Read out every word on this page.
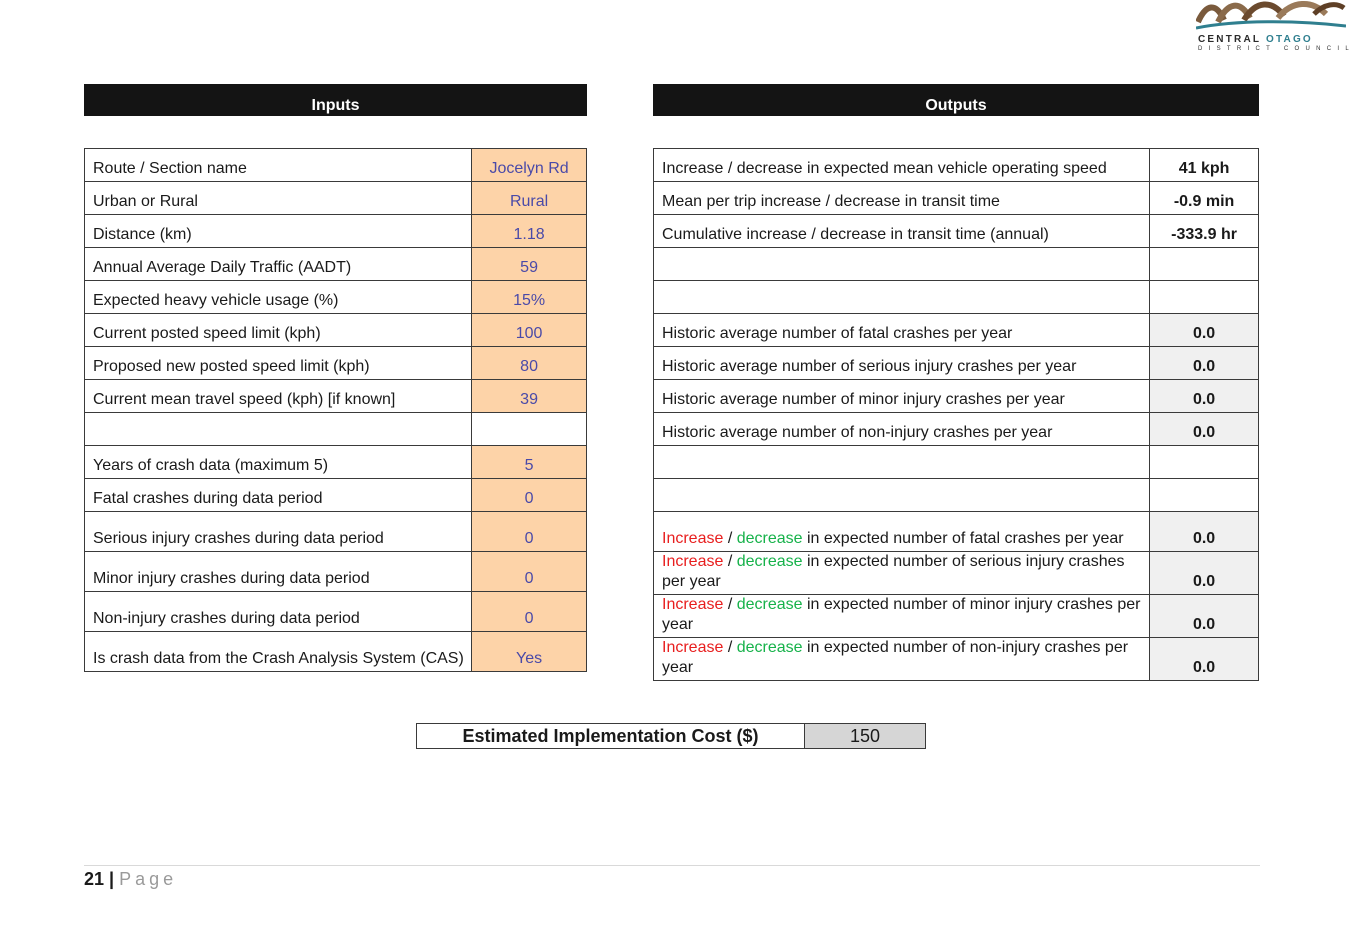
CENTRAL OTAGO
DISTRICT COUNCIL
Inputs	Outputs
Route / Section name	Jocelyn Rd
Urban or Rural	Rural
Distance (km)	1.18
Annual Average Daily Traffic (AADT)	59
Expected heavy vehicle usage (%)	15%
Current posted speed limit (kph)	100
Proposed new posted speed limit (kph)	80
Current mean travel speed (kph) [if known]	39

Years of crash data (maximum 5)	5
Fatal crashes during data period	0
Serious injury crashes during data period	0
Minor injury crashes during data period	0
Non-injury crashes during data period	0
Is crash data from the Crash Analysis System (CAS)	Yes
Increase / decrease in expected mean vehicle operating speed	41 kph
Mean per trip increase / decrease in transit time	-0.9 min
Cumulative increase / decrease in transit time (annual)	-333.9 hr

Historic average number of fatal crashes per year	0.0
Historic average number of serious injury crashes per year	0.0
Historic average number of minor injury crashes per year	0.0
Historic average number of non-injury crashes per year	0.0

Increase / decrease in expected number of fatal crashes per year	0.0
Increase / decrease in expected number of serious injury crashes per year	0.0
Increase / decrease in expected number of minor injury crashes per year	0.0
Increase / decrease in expected number of non-injury crashes per year	0.0
Estimated Implementation Cost ($)	150
21 | Page
